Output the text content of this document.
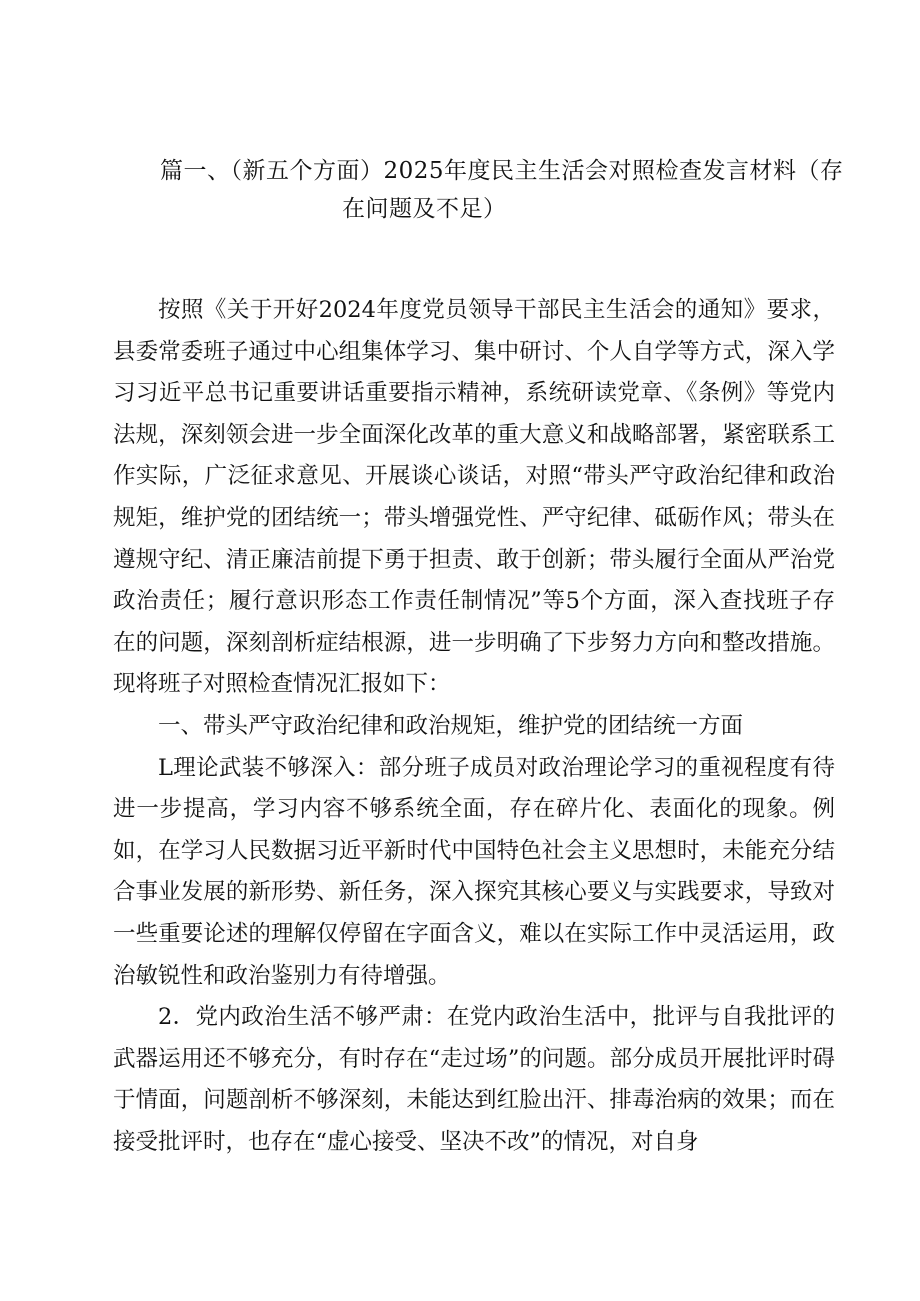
篇一、（新五个方面）2025年度民主生活会对照检查发言材料（存
在问题及不足）

按照《关于开好2024年度党员领导干部民主生活会的通知》要求，县委常委班子通过中心组集体学习、集中研讨、个人自学等方式，深入学习习近平总书记重要讲话重要指示精神，系统研读党章、《条例》等党内法规，深刻领会进一步全面深化改革的重大意义和战略部署，紧密联系工作实际，广泛征求意见、开展谈心谈话，对照“带头严守政治纪律和政治规矩，维护党的团结统一；带头增强党性、严守纪律、砥砺作风；带头在遵规守纪、清正廉洁前提下勇于担责、敢于创新；带头履行全面从严治党政治责任；履行意识形态工作责任制情况”等5个方面，深入查找班子存在的问题，深刻剖析症结根源，进一步明确了下步努力方向和整改措施。现将班子对照检查情况汇报如下：

一、带头严守政治纪律和政治规矩，维护党的团结统一方面

L理论武装不够深入：部分班子成员对政治理论学习的重视程度有待进一步提高，学习内容不够系统全面，存在碎片化、表面化的现象。例如，在学习人民数据习近平新时代中国特色社会主义思想时，未能充分结合事业发展的新形势、新任务，深入探究其核心要义与实践要求，导致对一些重要论述的理解仅停留在字面含义，难以在实际工作中灵活运用，政治敏锐性和政治鉴别力有待增强。

2．党内政治生活不够严肃：在党内政治生活中，批评与自我批评的武器运用还不够充分，有时存在“走过场”的问题。部分成员开展批评时碍于情面，问题剖析不够深刻，未能达到红脸出汗、排毒治病的效果；而在接受批评时，也存在“虚心接受、坚决不改”的情况，对自身
